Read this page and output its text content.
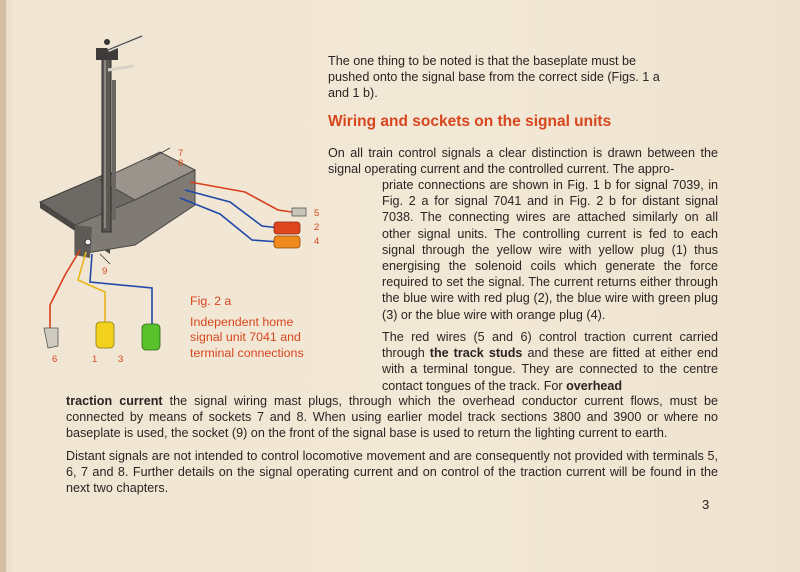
7
8
5
2
4
9
6	1 3
Fig. 2 a
Independent home
signal unit 7041 and
terminal connections
The one thing to be noted is that the baseplate must be pushed onto the signal base from the correct side (Figs. 1 a and 1 b).
Wiring and sockets on the signal units
On all train control signals a clear distinction is drawn between the signal operating current and the controlled current. The appro-
priate connections are shown in Fig. 1 b for signal 7039, in Fig. 2 a for signal 7041 and in Fig. 2 b for distant signal 7038. The connecting wires are attached similarly on all other signal units. The controlling current is fed to each signal through the yellow wire with yellow plug (1) thus energising the solenoid coils which generate the force required to set the signal. The current returns either through the blue wire with red plug (2), the blue wire with green plug (3) or the blue wire with orange plug (4).
The red wires (5 and 6) control traction current carried through the track studs and these are fitted at either end with a terminal tongue. They are connected to the centre contact tongues of the track. For overhead
traction current the signal wiring mast plugs, through which the overhead conductor current flows, must be connected by means of sockets 7 and 8. When using earlier model track sections 3800 and 3900 or where no baseplate is used, the socket (9) on the front of the signal base is used to return the lighting current to earth.
Distant signals are not intended to control locomotive movement and are consequently not provided with terminals 5, 6, 7 and 8. Further details on the signal operating current and on control of the traction current will be found in the next two chapters.
3
